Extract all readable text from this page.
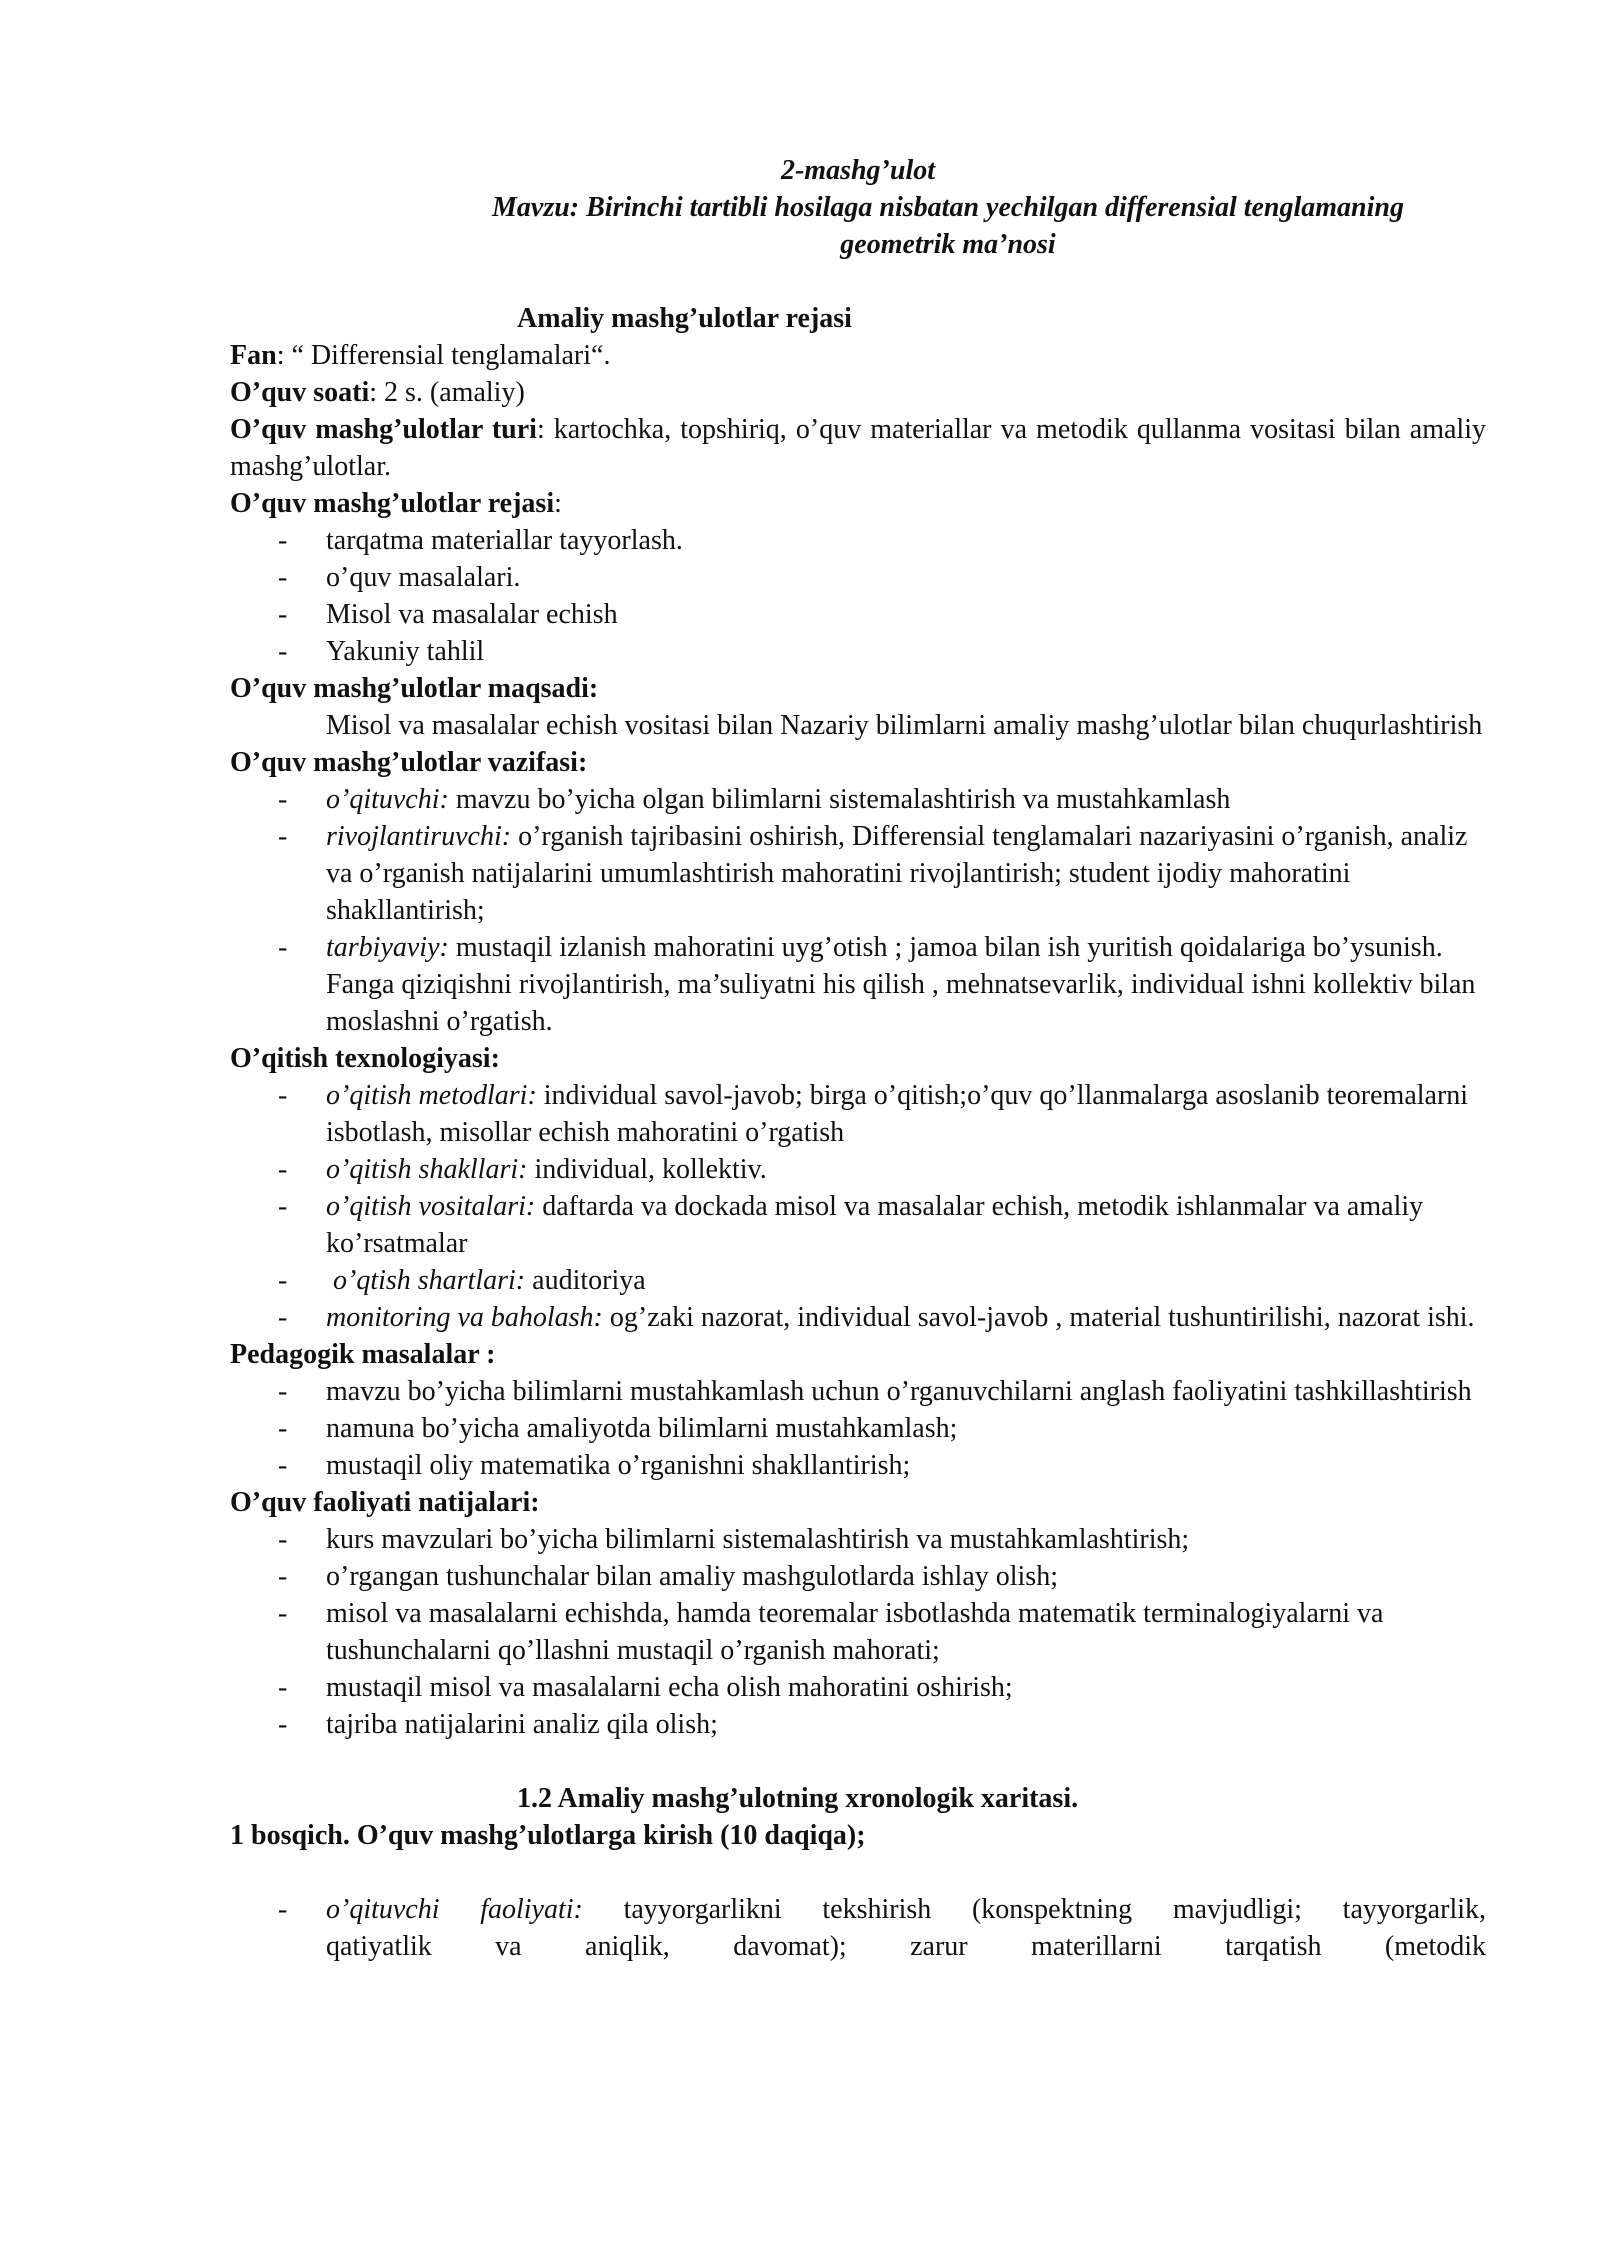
2-mashg’ulot

Mavzu: Birinchi tartibli hosilaga nisbatan yechilgan differensial tenglamaning

geometrik ma’nosi

Amaliy mashg’ulotlar rejasi

Fan: “ Differensial tenglamalari“.

O’quv soati: 2 s. (amaliy)

O’quv mashg’ulotlar turi: kartochka, topshiriq, o’quv materiallar va metodik qullanma vositasi bilan amaliy mashg’ulotlar.

O’quv mashg’ulotlar rejasi:

- tarqatma materiallar tayyorlash.
- o’quv masalalari.
- Misol va masalalar echish
- Yakuniy tahlil

O’quv mashg’ulotlar maqsadi:

Misol va masalalar echish vositasi bilan Nazariy bilimlarni amaliy mashg’ulotlar bilan chuqurlashtirish

O’quv mashg’ulotlar vazifasi:

- o’qituvchi: mavzu bo’yicha olgan bilimlarni sistemalashtirish va mustahkamlash
- rivojlantiruvchi: o’rganish tajribasini oshirish, Differensial tenglamalari nazariyasini o’rganish, analiz va o’rganish natijalarini umumlashtirish mahoratini rivojlantirish; student ijodiy mahoratini shakllantirish;
- tarbiyaviy: mustaqil izlanish mahoratini uyg’otish ; jamoa bilan ish yuritish qoidalariga bo’ysunish. Fanga qiziqishni rivojlantirish, ma’suliyatni his qilish , mehnatsevarlik, individual ishni kollektiv bilan moslashni o’rgatish.

O’qitish texnologiyasi:

- o’qitish metodlari: individual savol-javob; birga o’qitish;o’quv qo’llanmalarga asoslanib teoremalarni isbotlash, misollar echish mahoratini o’rgatish
- o’qitish shakllari: individual, kollektiv.
- o’qitish vositalari: daftarda va dockada misol va masalalar echish, metodik ishlanmalar va amaliy ko’rsatmalar
- o’qtish shartlari: auditoriya
- monitoring va baholash: og’zaki nazorat, individual savol-javob , material tushuntirilishi, nazorat ishi.

Pedagogik masalalar :

- mavzu bo’yicha bilimlarni mustahkamlash uchun o’rganuvchilarni anglash faoliyatini tashkillashtirish
- namuna bo’yicha amaliyotda bilimlarni mustahkamlash;
- mustaqil oliy matematika o’rganishni shakllantirish;

O’quv faoliyati natijalari:

- kurs mavzulari bo’yicha bilimlarni sistemalashtirish va mustahkamlashtirish;
- o’rgangan tushunchalar bilan amaliy mashgulotlarda ishlay olish;
- misol va masalalarni echishda, hamda teoremalar isbotlashda matematik terminalogiyalarni va tushunchalarni qo’llashni mustaqil o’rganish mahorati;
- mustaqil misol va masalalarni echa olish mahoratini oshirish;
- tajriba natijalarini analiz qila olish;

1.2 Amaliy mashg’ulotning xronologik xaritasi.

1 bosqich. O’quv mashg’ulotlarga kirish (10 daqiqa);

- o’qituvchi faoliyati: tayyorgarlikni tekshirish (konspektning mavjudligi; tayyorgarlik,
qatiyatlik va aniqlik, davomat); zarur materillarni tarqatish (metodik
